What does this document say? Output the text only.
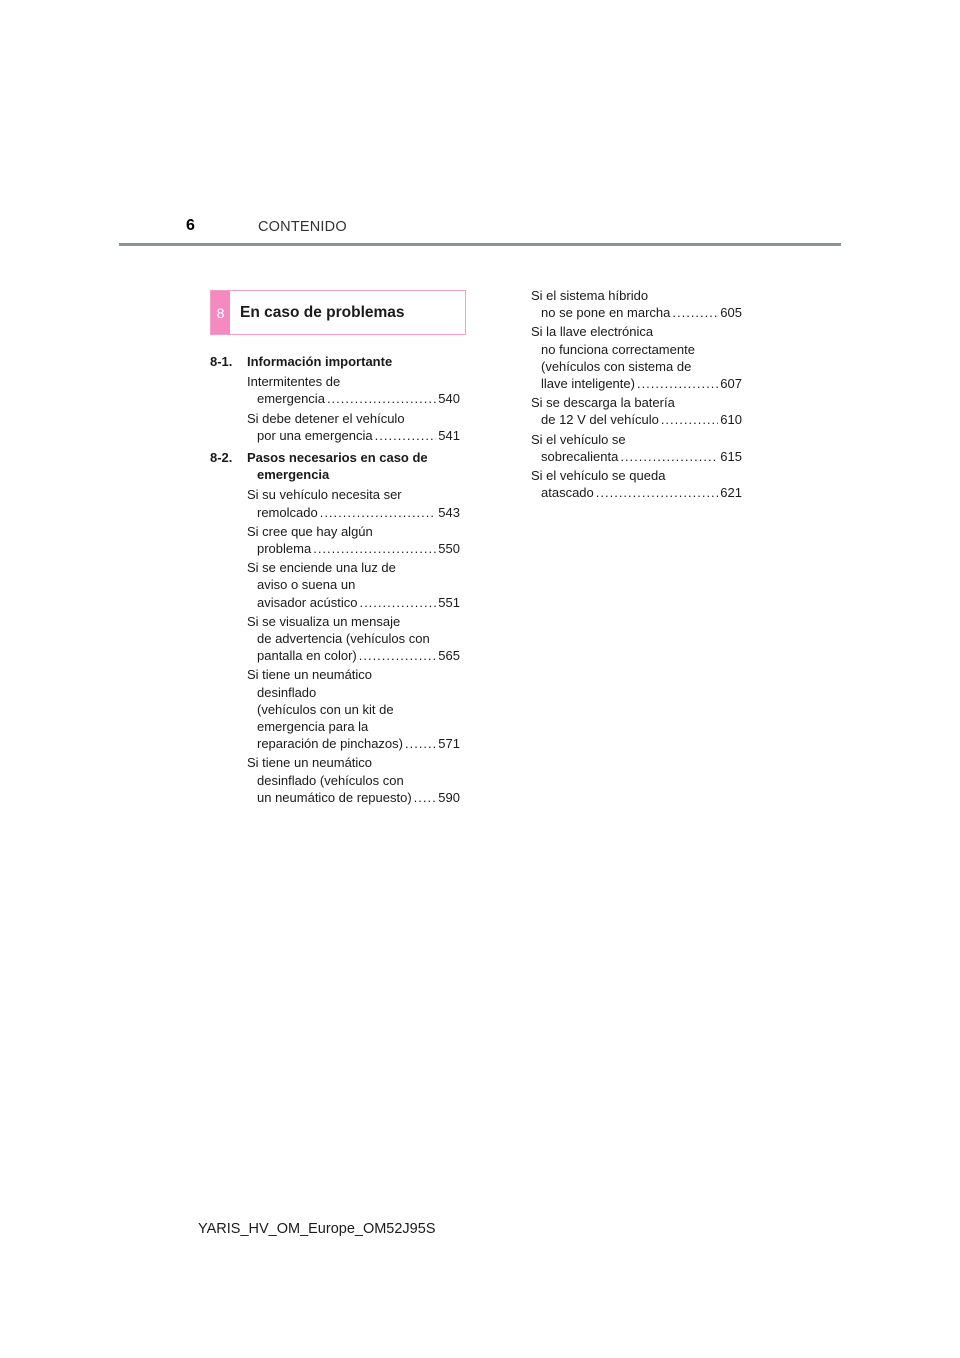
6	CONTENIDO
8	En caso de problemas
8-1.	Información importante
Intermitentes de
emergencia .....	540
Si debe detener el vehículo
por una emergencia .....	541
8-2.	Pasos necesarios en caso de
emergencia
Si su vehículo necesita ser
remolcado .....	543
Si cree que hay algún
problema .....	550
Si se enciende una luz de
aviso o suena un
avisador acústico .....	551
Si se visualiza un mensaje
de advertencia (vehículos con
pantalla en color) .....	565
Si tiene un neumático
desinflado
(vehículos con un kit de
emergencia para la
reparación de pinchazos) .....	571
Si tiene un neumático
desinflado (vehículos con
un neumático de repuesto) ..... 590
Si el sistema híbrido
no se pone en marcha .....	605
Si la llave electrónica
no funciona correctamente
(vehículos con sistema de
llave inteligente) .....	607
Si se descarga la batería
de 12 V del vehículo .....	610
Si el vehículo se
sobrecalienta .....	615
Si el vehículo se queda
atascado .....	621
YARIS_HV_OM_Europe_OM52J95S
